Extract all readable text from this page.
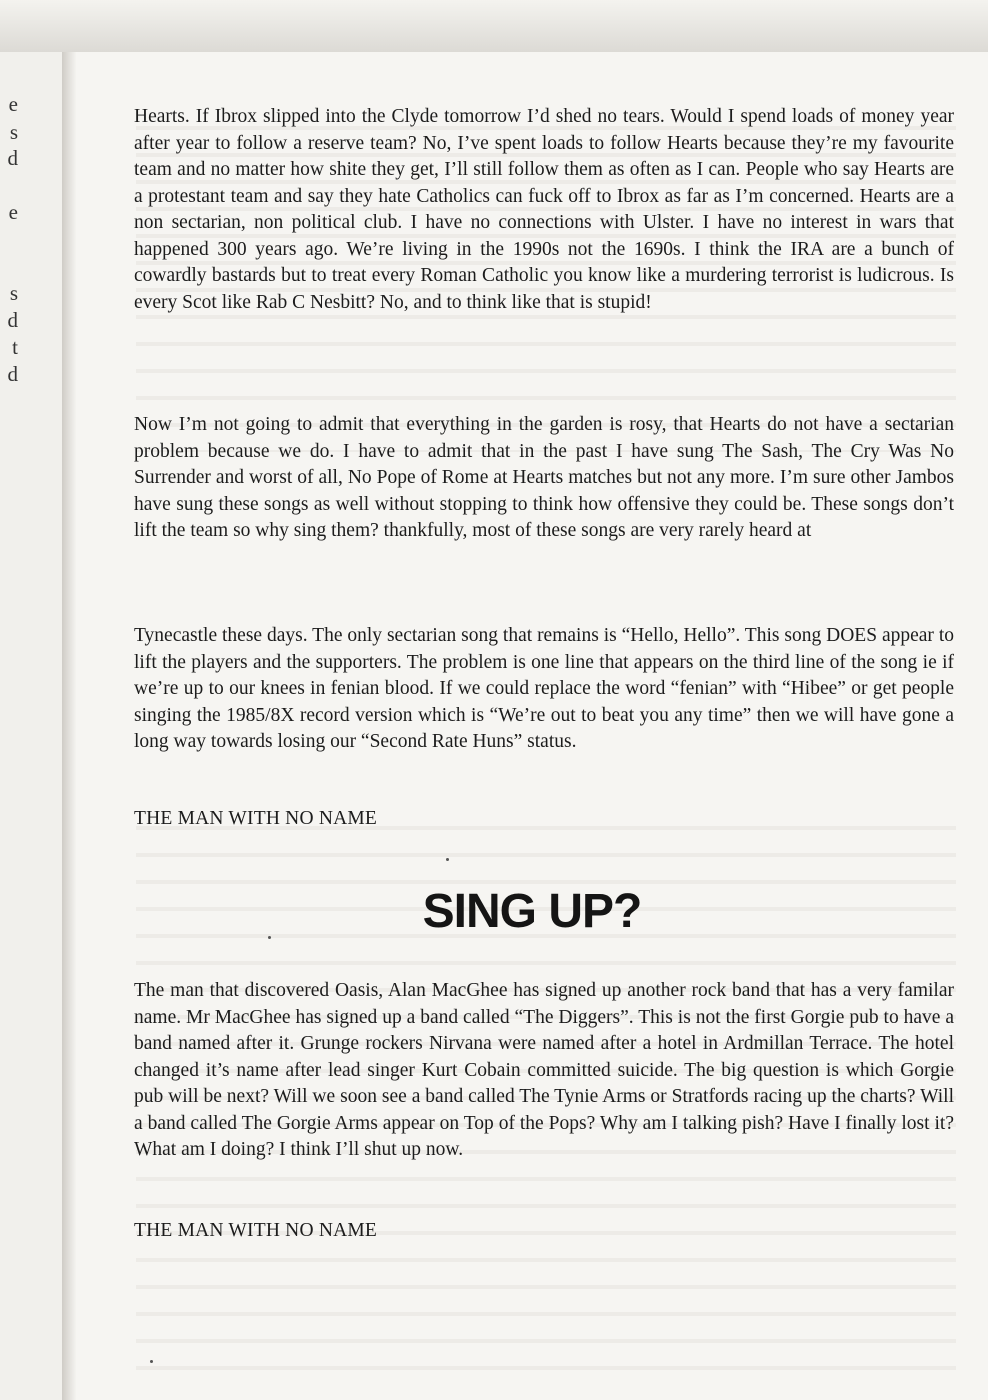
e
s
d
e
s
d
t
d

Hearts. If Ibrox slipped into the Clyde tomorrow I’d shed no tears. Would I spend loads of money year after year to follow a reserve team? No, I’ve spent loads to follow Hearts because they’re my favourite team and no matter how shite they get, I’ll still follow them as often as I can. People who say Hearts are a protestant team and say they hate Catholics can fuck off to Ibrox as far as I’m concerned. Hearts are a non sectarian, non political club. I have no connections with Ulster. I have no interest in wars that happened 300 years ago. We’re living in the 1990s not the 1690s. I think the IRA are a bunch of cowardly bastards but to treat every Roman Catholic you know like a murdering terrorist is ludicrous. Is every Scot like Rab C Nesbitt? No, and to think like that is stupid!

Now I’m not going to admit that everything in the garden is rosy, that Hearts do not have a sectarian problem because we do. I have to admit that in the past I have sung The Sash, The Cry Was No Surrender and worst of all, No Pope of Rome at Hearts matches but not any more. I’m sure other Jambos have sung these songs as well without stopping to think how offensive they could be. These songs don’t lift the team so why sing them? thankfully, most of these songs are very rarely heard at

Tynecastle these days. The only sectarian song that remains is “Hello, Hello”. This song DOES appear to lift the players and the supporters. The problem is one line that appears on the third line of the song ie if we’re up to our knees in fenian blood. If we could replace the word “fenian” with “Hibee” or get people singing the 1985/8X record version which is “We’re out to beat you any time” then we will have gone a long way towards losing our “Second Rate Huns” status.

THE MAN WITH NO NAME

SING UP?

The man that discovered Oasis, Alan MacGhee has signed up another rock band that has a very familar name. Mr MacGhee has signed up a band called “The Diggers”. This is not the first Gorgie pub to have a band named after it. Grunge rockers Nirvana were named after a hotel in Ardmillan Terrace. The hotel changed it’s name after lead singer Kurt Cobain committed suicide. The big question is which Gorgie pub will be next? Will we soon see a band called The Tynie Arms or Stratfords racing up the charts? Will a band called The Gorgie Arms appear on Top of the Pops? Why am I talking pish? Have I finally lost it? What am I doing? I think I’ll shut up now.

THE MAN WITH NO NAME
